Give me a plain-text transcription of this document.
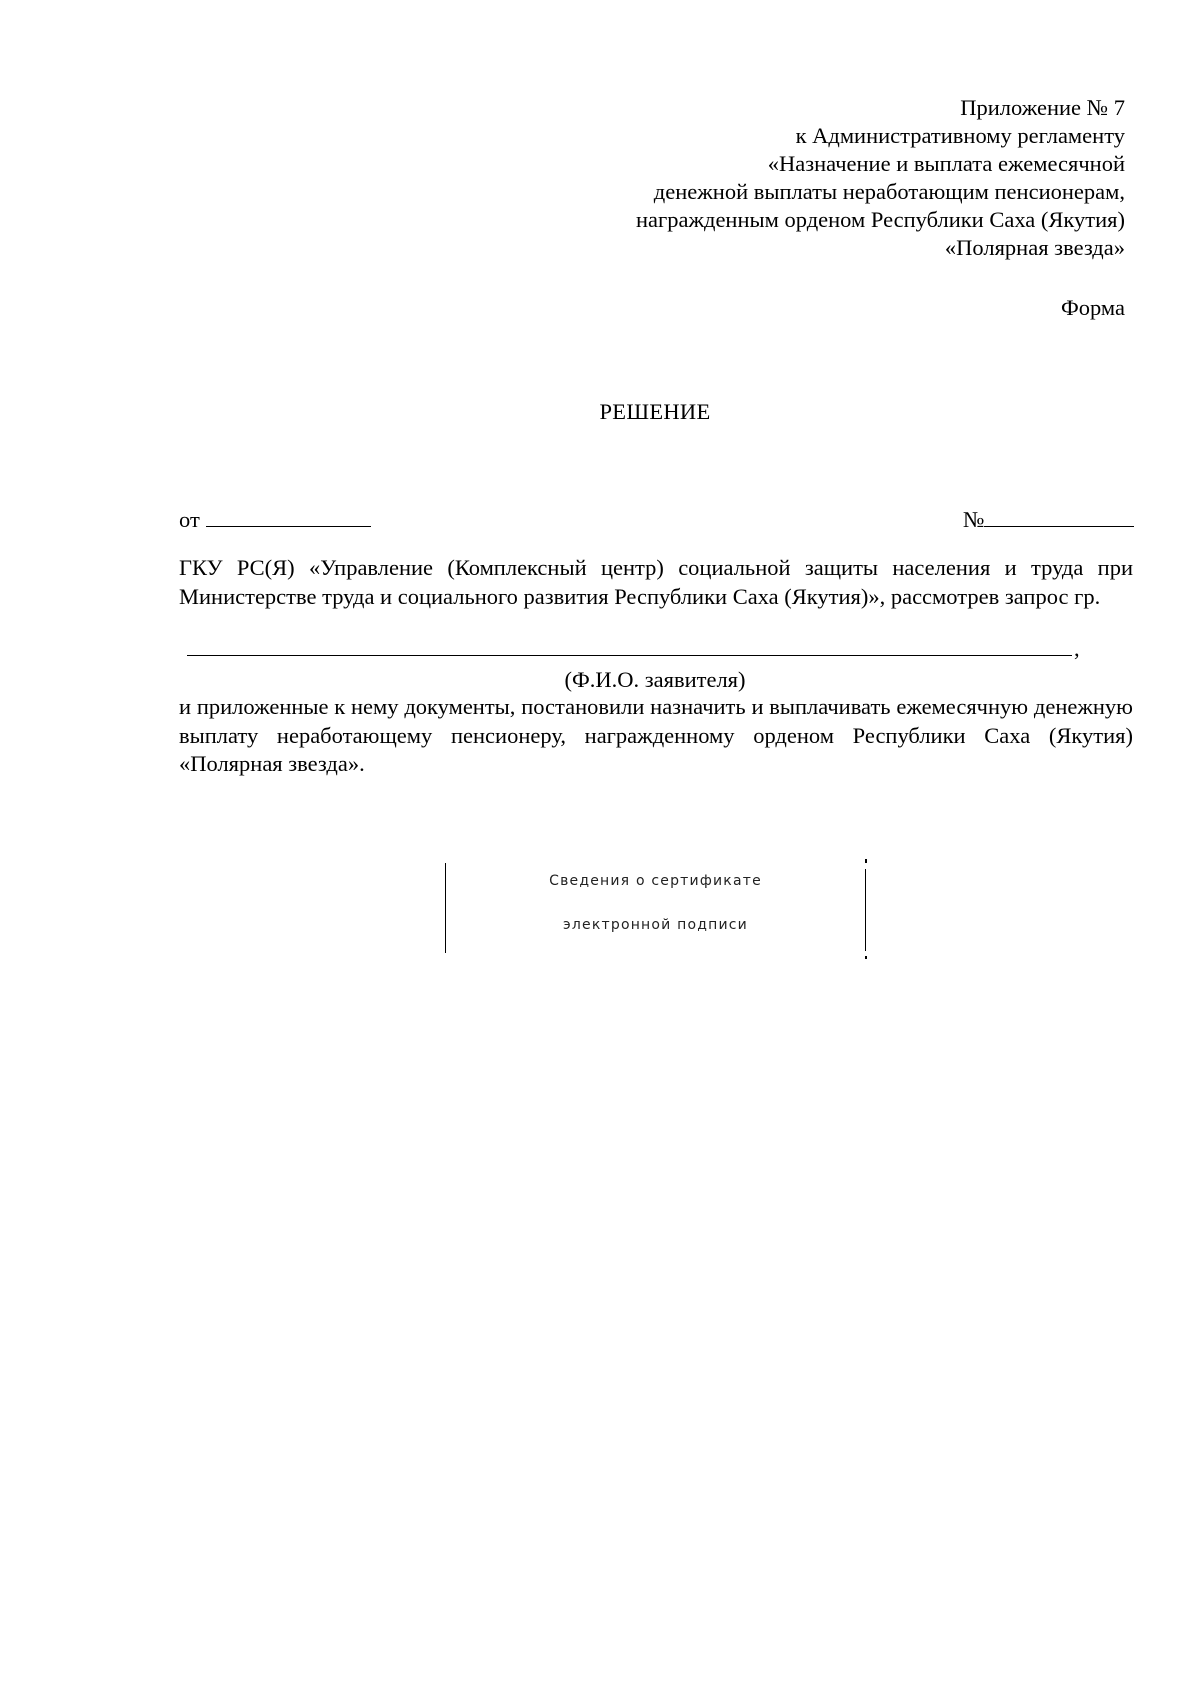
Приложение № 7
к Административному регламенту
«Назначение и выплата ежемесячной
денежной выплаты неработающим пенсионерам,
награжденным орденом Республики Саха (Якутия)
«Полярная звезда»
Форма
РЕШЕНИЕ
от	№
ГКУ РС(Я) «Управление (Комплексный центр) социальной защиты населения и труда при Министерстве труда и социального развития Республики Саха (Якутия)», рассмотрев запрос гр.
,
(Ф.И.О. заявителя)
и приложенные к нему документы, постановили назначить и выплачивать ежемесячную денежную выплату неработающему пенсионеру, награжденному орденом Республики Саха (Якутия) «Полярная звезда».
Сведения о сертификате
электронной подписи
